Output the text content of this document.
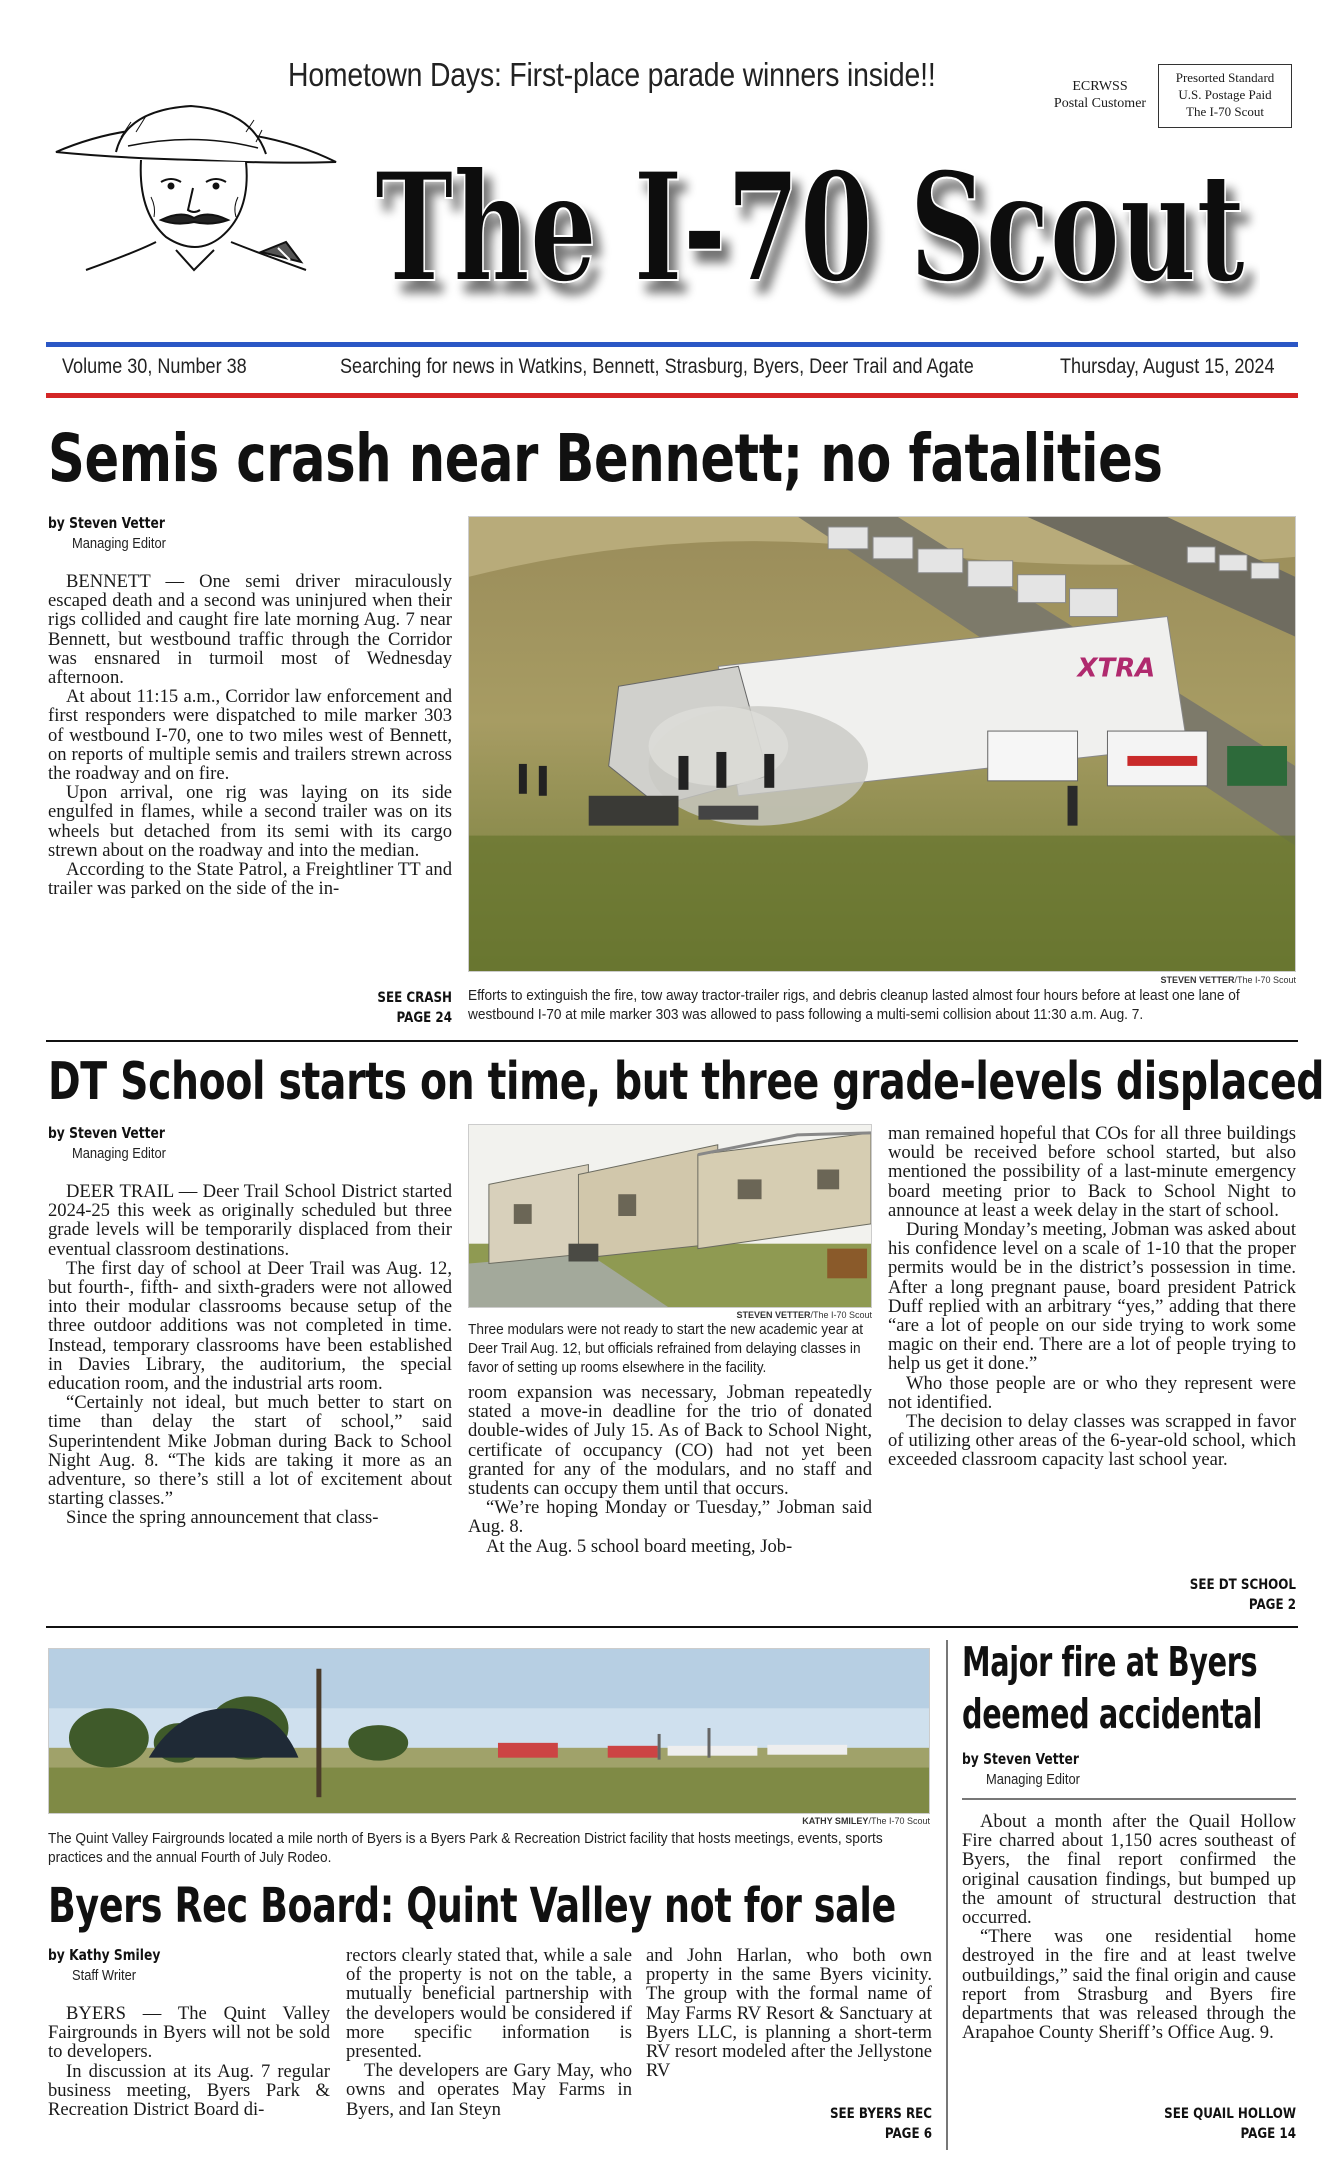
Hometown Days: First-place parade winners inside!!	ECRWSS
Postal Customer
Presorted Standard
U.S. Postage Paid
The I-70 Scout
The I-70 Scout
Volume 30, Number 38	Searching for news in Watkins, Bennett, Strasburg, Byers, Deer Trail and Agate	Thursday, August 15, 2024
Semis crash near Bennett; no fatalities
by Steven Vetter
Managing Editor

BENNETT — One semi driver miraculously escaped death and a second was uninjured when their rigs collided and caught fire late morning Aug. 7 near Bennett, but westbound traffic through the Corridor was ensnared in turmoil most of Wednesday afternoon.

At about 11:15 a.m., Corridor law enforcement and first responders were dispatched to mile marker 303 of westbound I-70, one to two miles west of Bennett, on reports of multiple semis and trailers strewn across the roadway and on fire.

Upon arrival, one rig was laying on its side engulfed in flames, while a second trailer was on its wheels but detached from its semi with its cargo strewn about on the roadway and into the median.

According to the State Patrol, a Freightliner TT and trailer was parked on the side of the in-

SEE CRASH
PAGE 24
XTRA
STEVEN VETTER/The I-70 Scout
Efforts to extinguish the fire, tow away tractor-trailer rigs, and debris cleanup lasted almost four hours before at least one lane of westbound I-70 at mile marker 303 was allowed to pass following a multi-semi collision about 11:30 a.m. Aug. 7.
DT School starts on time, but three grade-levels displaced
by Steven Vetter
Managing Editor

DEER TRAIL — Deer Trail School District started 2024-25 this week as originally scheduled but three grade levels will be temporarily displaced from their eventual classroom destinations.

The first day of school at Deer Trail was Aug. 12, but fourth-, fifth- and sixth-graders were not allowed into their modular classrooms because setup of the three outdoor additions was not completed in time. Instead, temporary classrooms have been established in Davies Library, the auditorium, the special education room, and the industrial arts room.

“Certainly not ideal, but much better to start on time than delay the start of school,” said Superintendent Mike Jobman during Back to School Night Aug. 8. “The kids are taking it more as an adventure, so there’s still a lot of excitement about starting classes.”

Since the spring announcement that class-

STEVEN VETTER/The I-70 Scout
Three modulars were not ready to start the new academic year at Deer Trail Aug. 12, but officials refrained from delaying classes in favor of setting up rooms elsewhere in the facility.

room expansion was necessary, Jobman repeatedly stated a move-in deadline for the trio of donated double-wides of July 15. As of Back to School Night, certificate of occupancy (CO) had not yet been granted for any of the modulars, and no staff and students can occupy them until that occurs.

“We’re hoping Monday or Tuesday,” Jobman said Aug. 8.

At the Aug. 5 school board meeting, Job-

man remained hopeful that COs for all three buildings would be received before school started, but also mentioned the possibility of a last-minute emergency board meeting prior to Back to School Night to announce at least a week delay in the start of school.

During Monday’s meeting, Jobman was asked about his confidence level on a scale of 1-10 that the proper permits would be in the district’s possession in time. After a long pregnant pause, board president Patrick Duff replied with an arbitrary “yes,” adding that there “are a lot of people on our side trying to work some magic on their end. There are a lot of people trying to help us get it done.”

Who those people are or who they represent were not identified.

The decision to delay classes was scrapped in favor of utilizing other areas of the 6-year-old school, which exceeded classroom capacity last school year.

SEE DT SCHOOL
PAGE 2
KATHY SMILEY/The I-70 Scout
The Quint Valley Fairgrounds located a mile north of Byers is a Byers Park & Recreation District facility that hosts meetings, events, sports practices and the annual Fourth of July Rodeo.
Byers Rec Board: Quint Valley not for sale
by Kathy Smiley
Staff Writer

BYERS — The Quint Valley Fairgrounds in Byers will not be sold to developers.

In discussion at its Aug. 7 regular business meeting, Byers Park & Recreation District Board di-

rectors clearly stated that, while a sale of the property is not on the table, a mutually beneficial partnership with the developers would be considered if more specific information is presented.

The developers are Gary May, who owns and operates May Farms in Byers, and Ian Steyn

and John Harlan, who both own property in the same Byers vicinity. The group with the formal name of May Farms RV Resort & Sanctuary at Byers LLC, is planning a short-term RV resort modeled after the Jellystone RV

SEE BYERS REC
PAGE 6
Major fire at Byers
deemed accidental
by Steven Vetter
Managing Editor

About a month after the Quail Hollow Fire charred about 1,150 acres southeast of Byers, the final report confirmed the original causation findings, but bumped up the amount of structural destruction that occurred.

“There was one residential home destroyed in the fire and at least twelve outbuildings,” said the final origin and cause report from Strasburg and Byers fire departments that was released through the Arapahoe County Sheriff’s Office Aug. 9.

SEE QUAIL HOLLOW
PAGE 14
